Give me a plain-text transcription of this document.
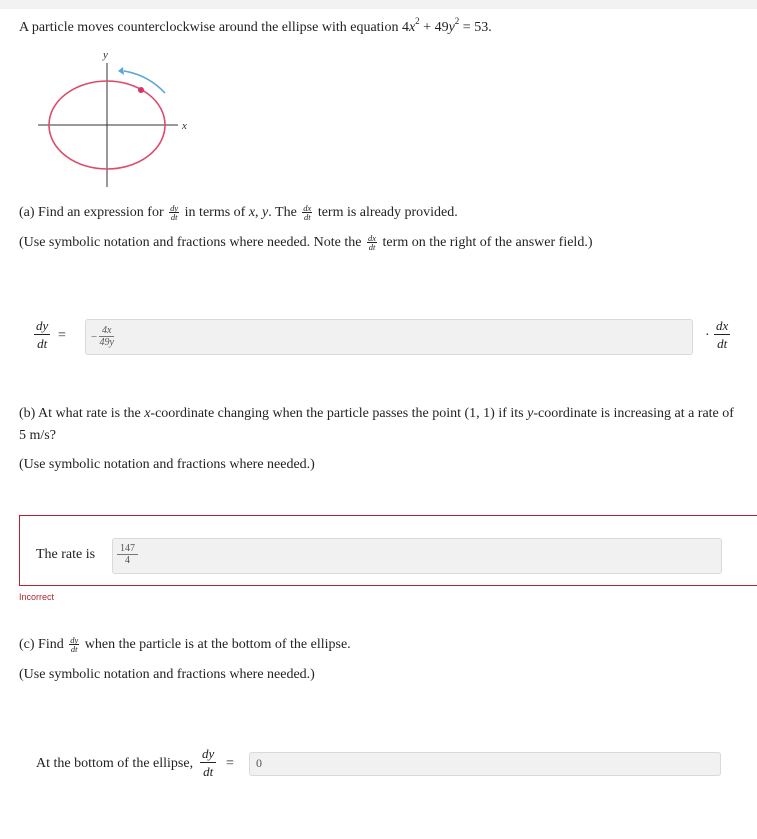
A particle moves counterclockwise around the ellipse with equation $4x^2 + 49y^2 = 53$.
y
x
(a) Find an expression for $\frac{dy}{dt}$ in terms of x, y. The $\frac{dx}{dt}$ term is already provided.
(Use symbolic notation and fractions where needed. Note the $\frac{dx}{dt}$ term on the right of the answer field.)
$\frac{dy}{dt}$ = − $\frac{4x}{49y}$	· $\frac{dx}{dt}$
(b) At what rate is the x-coordinate changing when the particle passes the point (1, 1) if its y-coordinate is increasing at a rate of
5 m/s?
(Use symbolic notation and fractions where needed.)
The rate is $\frac{147}{4}$
Incorrect
(c) Find $\frac{dy}{dt}$ when the particle is at the bottom of the ellipse.
(Use symbolic notation and fractions where needed.)
At the bottom of the ellipse, $\frac{dy}{dt} = 0$
